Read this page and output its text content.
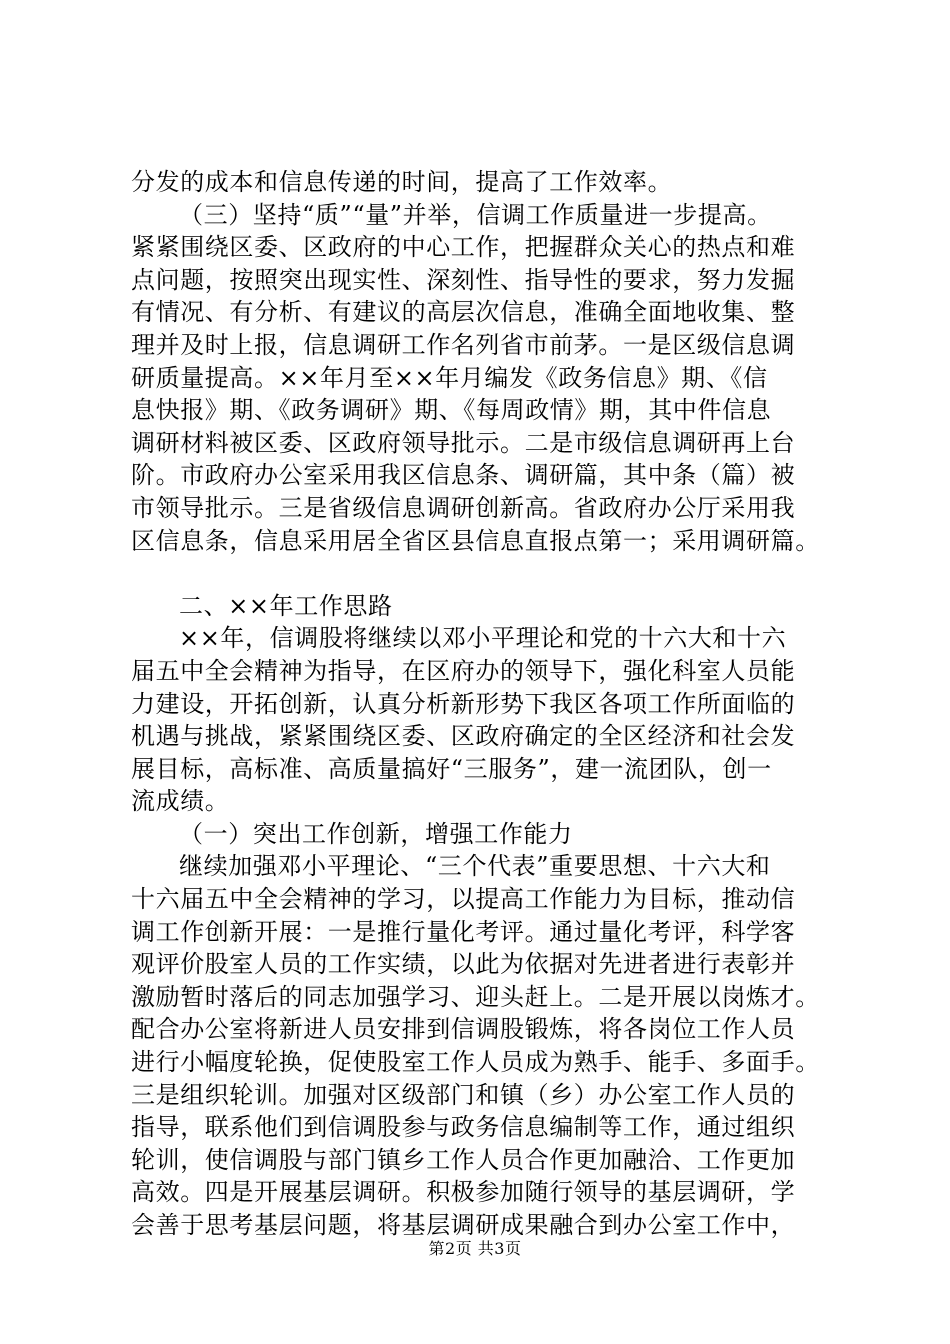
分发的成本和信息传递的时间，提高了工作效率。
（三）坚持“质”“量”并举，信调工作质量进一步提高。
紧紧围绕区委、区政府的中心工作，把握群众关心的热点和难
点问题，按照突出现实性、深刻性、指导性的要求，努力发掘
有情况、有分析、有建议的高层次信息，准确全面地收集、整
理并及时上报，信息调研工作名列省市前茅。一是区级信息调
研质量提高。××年月至××年月编发《政务信息》期、《信
息快报》期、《政务调研》期、《每周政情》期，其中件信息
调研材料被区委、区政府领导批示。二是市级信息调研再上台
阶。市政府办公室采用我区信息条、调研篇，其中条（篇）被
市领导批示。三是省级信息调研创新高。省政府办公厅采用我
区信息条，信息采用居全省区县信息直报点第一；采用调研篇。
二、××年工作思路
××年，信调股将继续以邓小平理论和党的十六大和十六
届五中全会精神为指导，在区府办的领导下，强化科室人员能
力建设，开拓创新，认真分析新形势下我区各项工作所面临的
机遇与挑战，紧紧围绕区委、区政府确定的全区经济和社会发
展目标，高标准、高质量搞好“三服务”，建一流团队，创一
流成绩。
（一）突出工作创新，增强工作能力
继续加强邓小平理论、“三个代表”重要思想、十六大和
十六届五中全会精神的学习，以提高工作能力为目标，推动信
调工作创新开展：一是推行量化考评。通过量化考评，科学客
观评价股室人员的工作实绩，以此为依据对先进者进行表彰并
激励暂时落后的同志加强学习、迎头赶上。二是开展以岗炼才。
配合办公室将新进人员安排到信调股锻炼，将各岗位工作人员
进行小幅度轮换，促使股室工作人员成为熟手、能手、多面手。
三是组织轮训。加强对区级部门和镇（乡）办公室工作人员的
指导，联系他们到信调股参与政务信息编制等工作，通过组织
轮训，使信调股与部门镇乡工作人员合作更加融洽、工作更加
高效。四是开展基层调研。积极参加随行领导的基层调研，学
会善于思考基层问题，将基层调研成果融合到办公室工作中，
第2页 共3页
